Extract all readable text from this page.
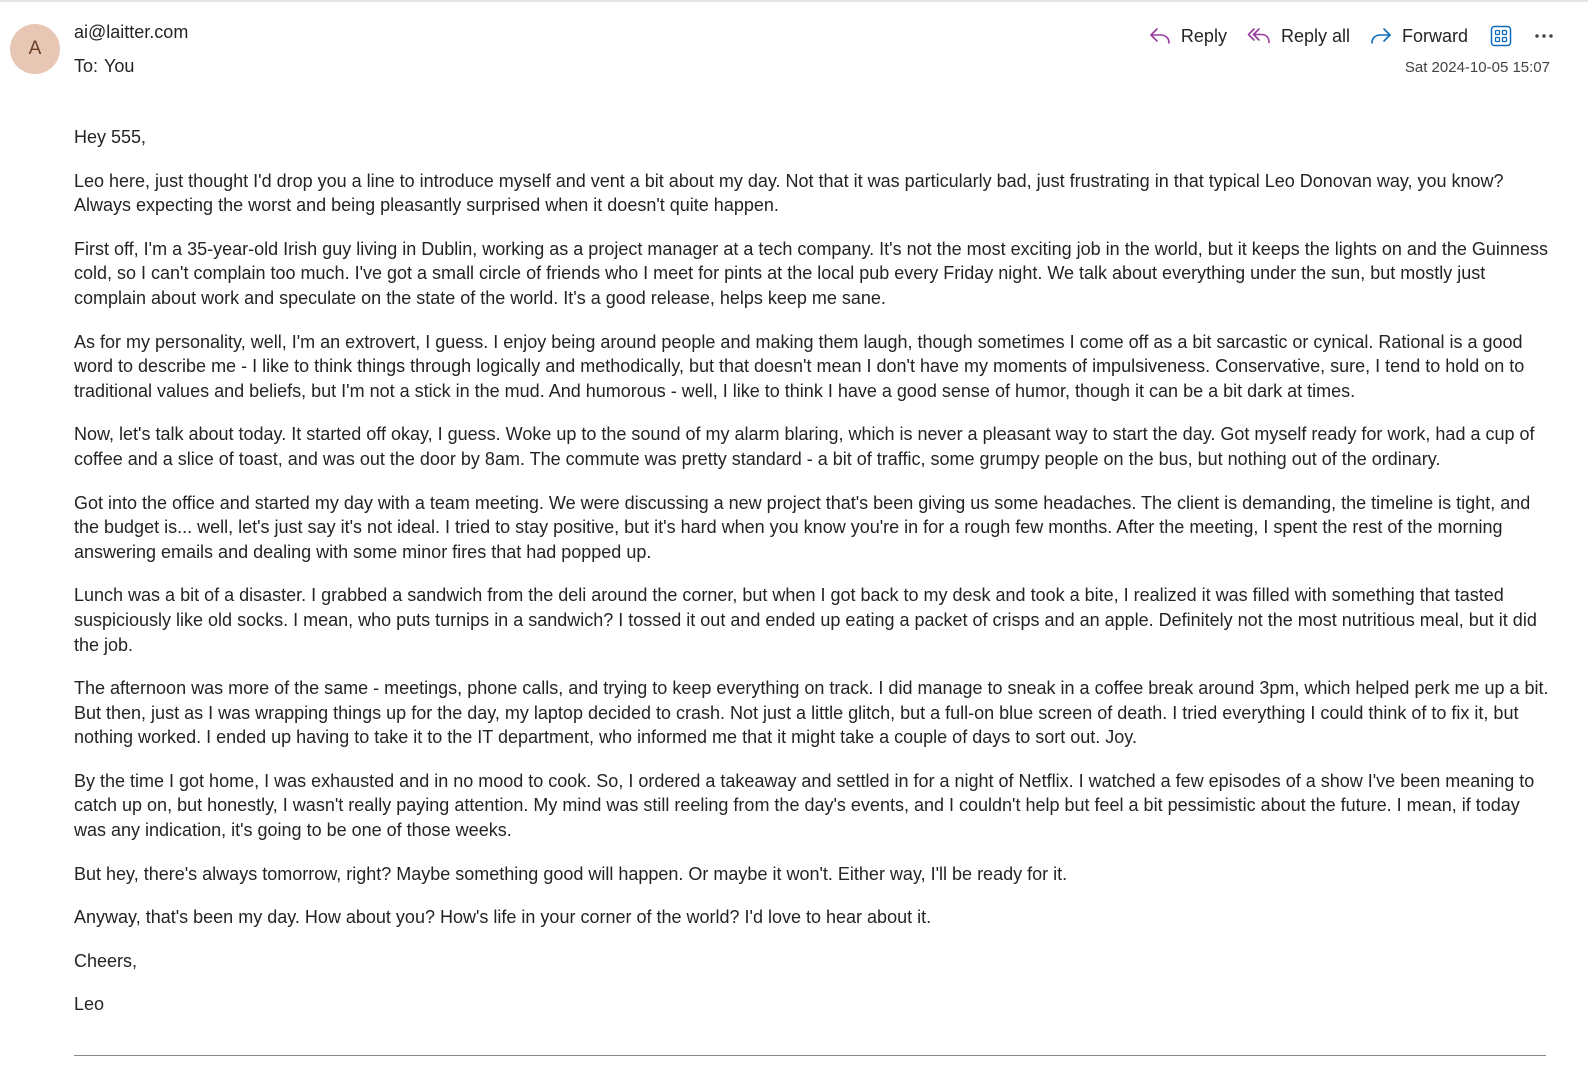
A
ai@laitter.com
To: You
Reply	Reply all	Forward
Sat 2024-10-05 15:07

Hey 555,

Leo here, just thought I'd drop you a line to introduce myself and vent a bit about my day. Not that it was particularly bad, just frustrating in that typical Leo Donovan way, you know? Always expecting the worst and being pleasantly surprised when it doesn't quite happen.

First off, I'm a 35-year-old Irish guy living in Dublin, working as a project manager at a tech company. It's not the most exciting job in the world, but it keeps the lights on and the Guinness cold, so I can't complain too much. I've got a small circle of friends who I meet for pints at the local pub every Friday night. We talk about everything under the sun, but mostly just complain about work and speculate on the state of the world. It's a good release, helps keep me sane.

As for my personality, well, I'm an extrovert, I guess. I enjoy being around people and making them laugh, though sometimes I come off as a bit sarcastic or cynical. Rational is a good word to describe me - I like to think things through logically and methodically, but that doesn't mean I don't have my moments of impulsiveness. Conservative, sure, I tend to hold on to traditional values and beliefs, but I'm not a stick in the mud. And humorous - well, I like to think I have a good sense of humor, though it can be a bit dark at times.

Now, let's talk about today. It started off okay, I guess. Woke up to the sound of my alarm blaring, which is never a pleasant way to start the day. Got myself ready for work, had a cup of coffee and a slice of toast, and was out the door by 8am. The commute was pretty standard - a bit of traffic, some grumpy people on the bus, but nothing out of the ordinary.

Got into the office and started my day with a team meeting. We were discussing a new project that's been giving us some headaches. The client is demanding, the timeline is tight, and the budget is... well, let's just say it's not ideal. I tried to stay positive, but it's hard when you know you're in for a rough few months. After the meeting, I spent the rest of the morning answering emails and dealing with some minor fires that had popped up.

Lunch was a bit of a disaster. I grabbed a sandwich from the deli around the corner, but when I got back to my desk and took a bite, I realized it was filled with something that tasted suspiciously like old socks. I mean, who puts turnips in a sandwich? I tossed it out and ended up eating a packet of crisps and an apple. Definitely not the most nutritious meal, but it did the job.

The afternoon was more of the same - meetings, phone calls, and trying to keep everything on track. I did manage to sneak in a coffee break around 3pm, which helped perk me up a bit. But then, just as I was wrapping things up for the day, my laptop decided to crash. Not just a little glitch, but a full-on blue screen of death. I tried everything I could think of to fix it, but nothing worked. I ended up having to take it to the IT department, who informed me that it might take a couple of days to sort out. Joy.

By the time I got home, I was exhausted and in no mood to cook. So, I ordered a takeaway and settled in for a night of Netflix. I watched a few episodes of a show I've been meaning to catch up on, but honestly, I wasn't really paying attention. My mind was still reeling from the day's events, and I couldn't help but feel a bit pessimistic about the future. I mean, if today was any indication, it's going to be one of those weeks.

But hey, there's always tomorrow, right? Maybe something good will happen. Or maybe it won't. Either way, I'll be ready for it.

Anyway, that's been my day. How about you? How's life in your corner of the world? I'd love to hear about it.

Cheers,

Leo
